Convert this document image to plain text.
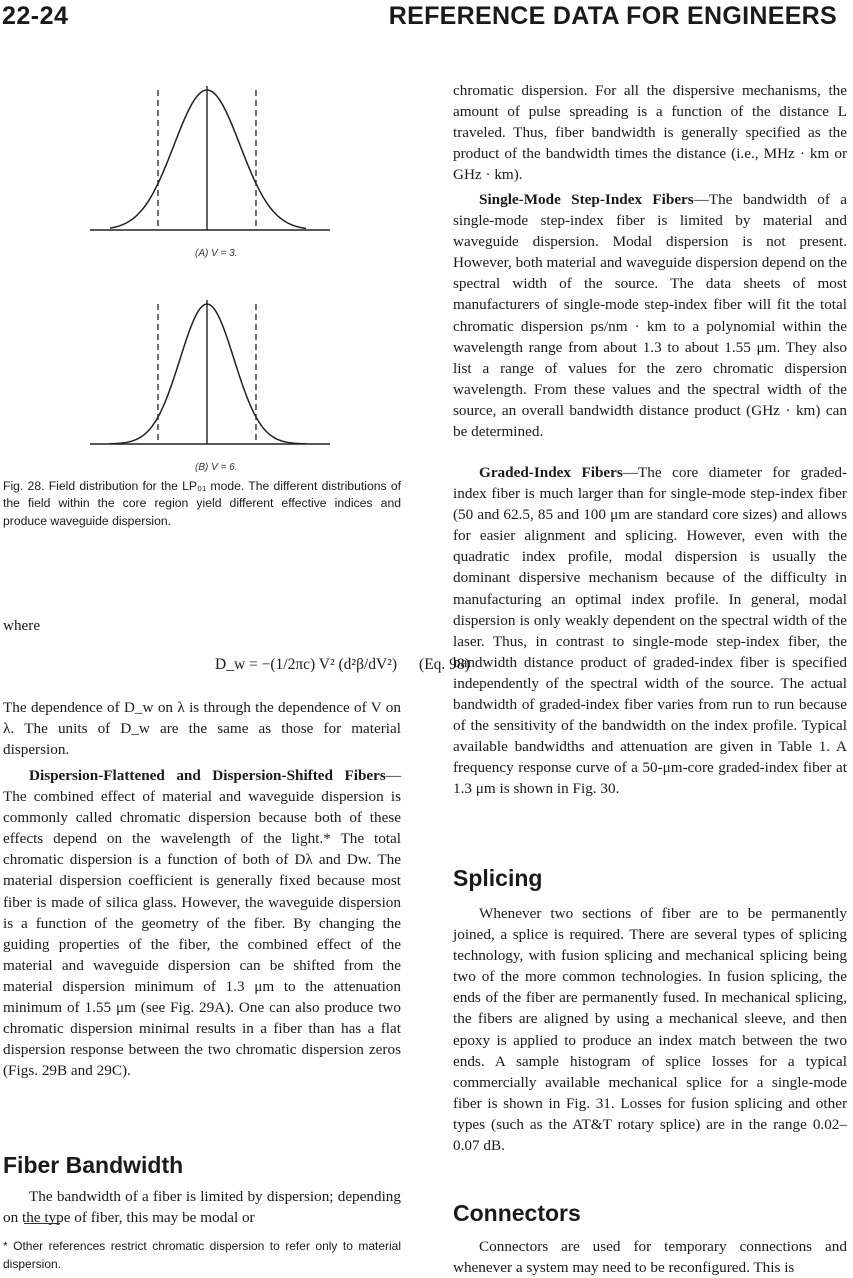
22-24	REFERENCE DATA FOR ENGINEERS
(A) V = 3.
(B) V = 6.
Fig. 28. Field distribution for the LP₀₁ mode. The different distributions of the field within the core region yield different effective indices and produce waveguide dispersion.
where
D_w = −(1/2πc) V² (d²β/dV²) (Eq. 98)

The dependence of D_w on λ is through the dependence of V on λ. The units of D_w are the same as those for material dispersion.

Dispersion-Flattened and Dispersion-Shifted Fibers—The combined effect of material and waveguide dispersion is commonly called chromatic dispersion because both of these effects depend on the wavelength of the light.* The total chromatic dispersion is a function of both of Dλ and Dw. The material dispersion coefficient is generally fixed because most fiber is made of silica glass. However, the waveguide dispersion is a function of the geometry of the fiber. By changing the guiding properties of the fiber, the combined effect of the material and waveguide dispersion can be shifted from the material dispersion minimum of 1.3 μm to the attenuation minimum of 1.55 μm (see Fig. 29A). One can also produce two chromatic dispersion minimal results in a fiber than has a flat dispersion response between the two chromatic dispersion zeros (Figs. 29B and 29C).

Fiber Bandwidth

The bandwidth of a fiber is limited by dispersion; depending on the type of fiber, this may be modal or

* Other references restrict chromatic dispersion to refer only to material dispersion.

chromatic dispersion. For all the dispersive mechanisms, the amount of pulse spreading is a function of the distance L traveled. Thus, fiber bandwidth is generally specified as the product of the bandwidth times the distance (i.e., MHz · km or GHz · km).

Single-Mode Step-Index Fibers—The bandwidth of a single-mode step-index fiber is limited by material and waveguide dispersion. Modal dispersion is not present. However, both material and waveguide dispersion depend on the spectral width of the source. The data sheets of most manufacturers of single-mode step-index fiber will fit the total chromatic dispersion ps/nm · km to a polynomial within the wavelength range from about 1.3 to about 1.55 μm. They also list a range of values for the zero chromatic dispersion wavelength. From these values and the spectral width of the source, an overall bandwidth distance product (GHz · km) can be determined.

Graded-Index Fibers—The core diameter for graded-index fiber is much larger than for single-mode step-index fiber (50 and 62.5, 85 and 100 μm are standard core sizes) and allows for easier alignment and splicing. However, even with the quadratic index profile, modal dispersion is usually the dominant dispersive mechanism because of the difficulty in manufacturing an optimal index profile. In general, modal dispersion is only weakly dependent on the spectral width of the laser. Thus, in contrast to single-mode step-index fiber, the bandwidth distance product of graded-index fiber is specified independently of the spectral width of the source. The actual bandwidth of graded-index fiber varies from run to run because of the sensitivity of the bandwidth on the index profile. Typical available bandwidths and attenuation are given in Table 1. A frequency response curve of a 50-μm-core graded-index fiber at 1.3 μm is shown in Fig. 30.

Splicing

Whenever two sections of fiber are to be permanently joined, a splice is required. There are several types of splicing technology, with fusion splicing and mechanical splicing being two of the more common technologies. In fusion splicing, the ends of the fiber are permanently fused. In mechanical splicing, the fibers are aligned by using a mechanical sleeve, and then epoxy is applied to produce an index match between the two ends. A sample histogram of splice losses for a typical commercially available mechanical splice for a single-mode fiber is shown in Fig. 31. Losses for fusion splicing and other types (such as the AT&T rotary splice) are in the range 0.02–0.07 dB.

Connectors

Connectors are used for temporary connections and whenever a system may need to be reconfigured. This is
